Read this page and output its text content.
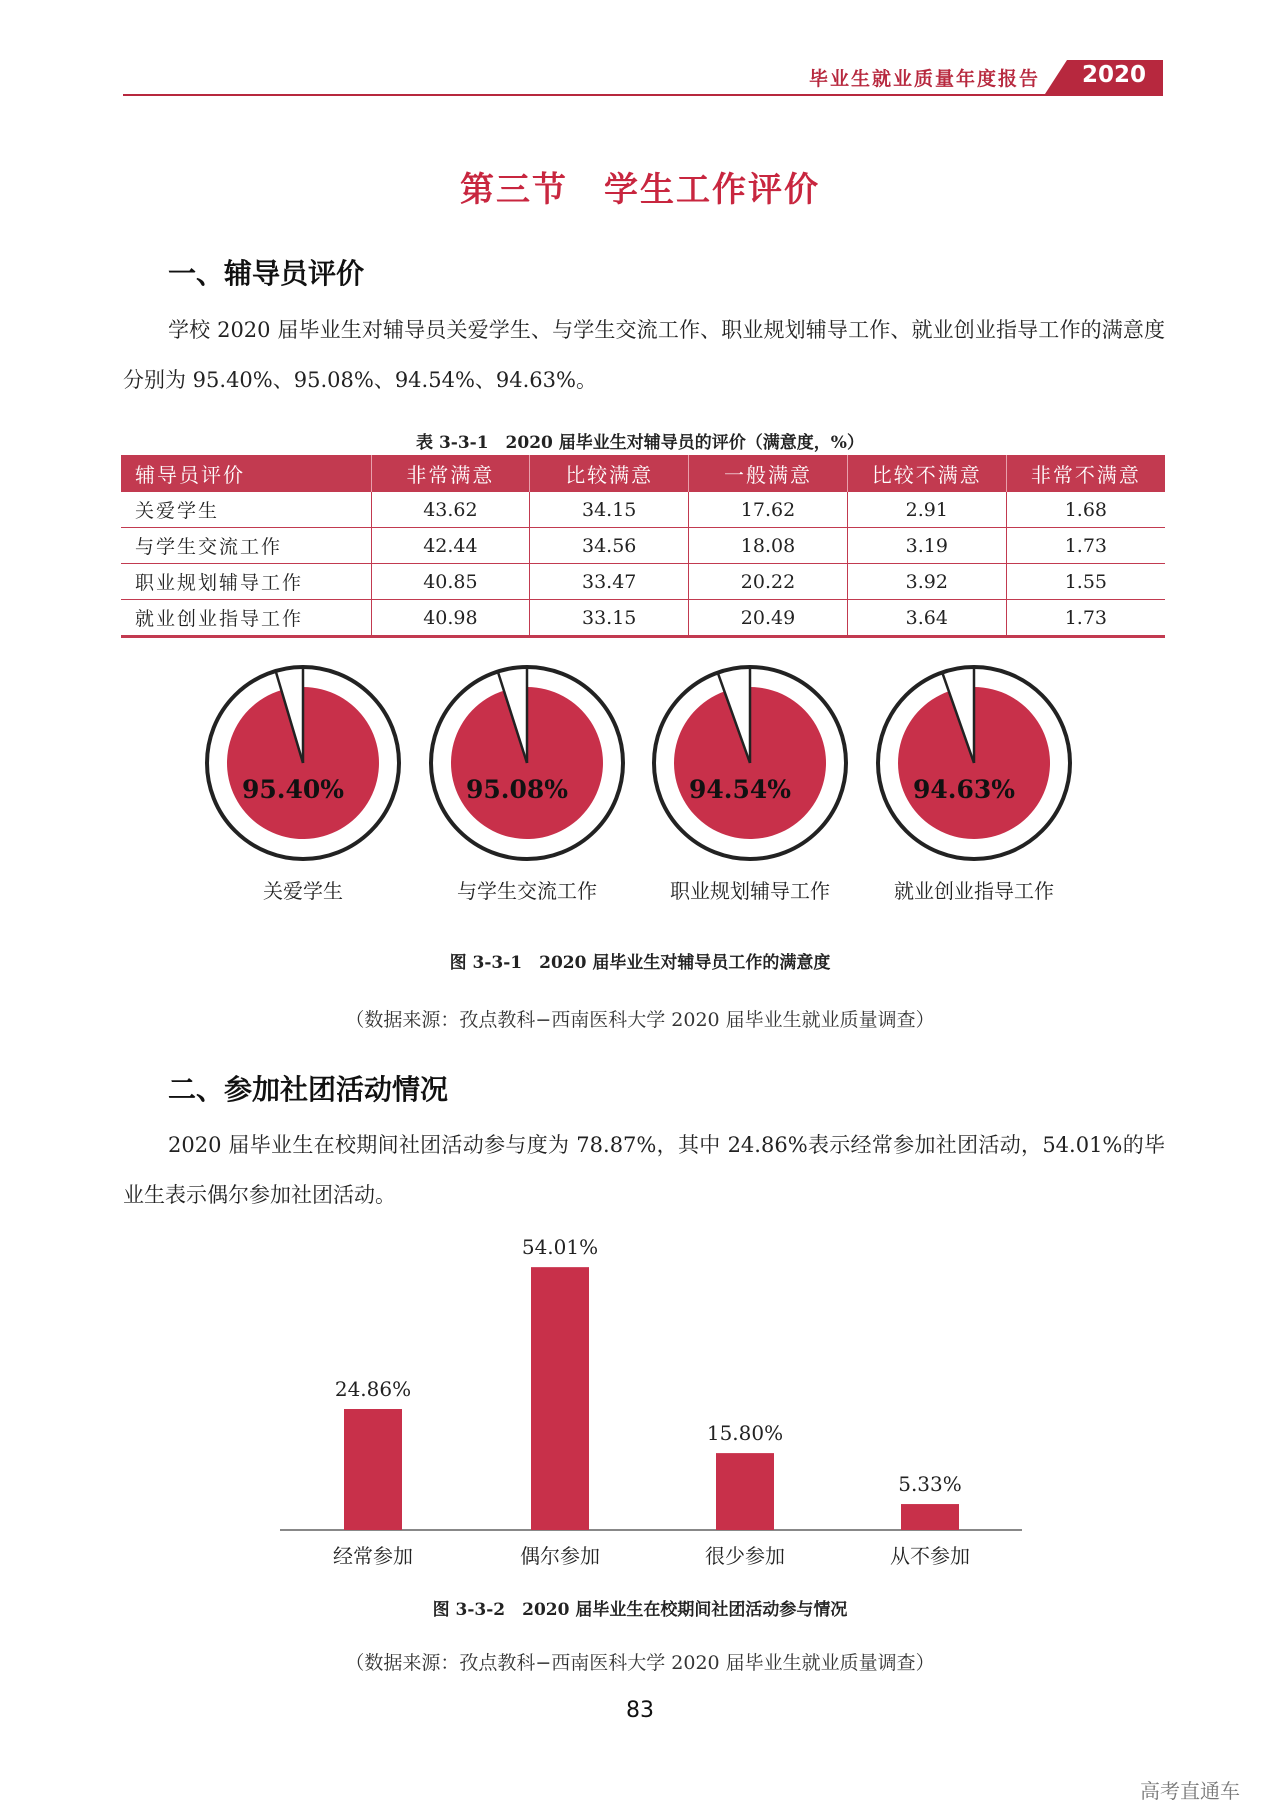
毕业生就业质量年度报告	2020
第三节　学生工作评价
一、辅导员评价
学校 2020 届毕业生对辅导员关爱学生、与学生交流工作、职业规划辅导工作、就业创业指导工作的满意度分别为 95.40%、95.08%、94.54%、94.63%。
表 3-3-1　2020 届毕业生对辅导员的评价（满意度，%）
辅导员评价	非常满意	比较满意	一般满意	比较不满意	非常不满意
关爱学生	43.62	34.15	17.62	2.91	1.68
与学生交流工作	42.44	34.56	18.08	3.19	1.73
职业规划辅导工作	40.85	33.47	20.22	3.92	1.55
就业创业指导工作	40.98	33.15	20.49	3.64	1.73
95.40%
关爱学生
95.08%
与学生交流工作
94.54%
职业规划辅导工作
94.63%
就业创业指导工作
图 3-3-1　2020 届毕业生对辅导员工作的满意度
（数据来源：孜点教科−西南医科大学 2020 届毕业生就业质量调查）
二、参加社团活动情况
2020 届毕业生在校期间社团活动参与度为 78.87%，其中 24.86%表示经常参加社团活动，54.01%的毕业生表示偶尔参加社团活动。
24.86%
经常参加
54.01%
偶尔参加
15.80%
很少参加
5.33%
从不参加
图 3-3-2　2020 届毕业生在校期间社团活动参与情况
（数据来源：孜点教科−西南医科大学 2020 届毕业生就业质量调查）
83
高考直通车
